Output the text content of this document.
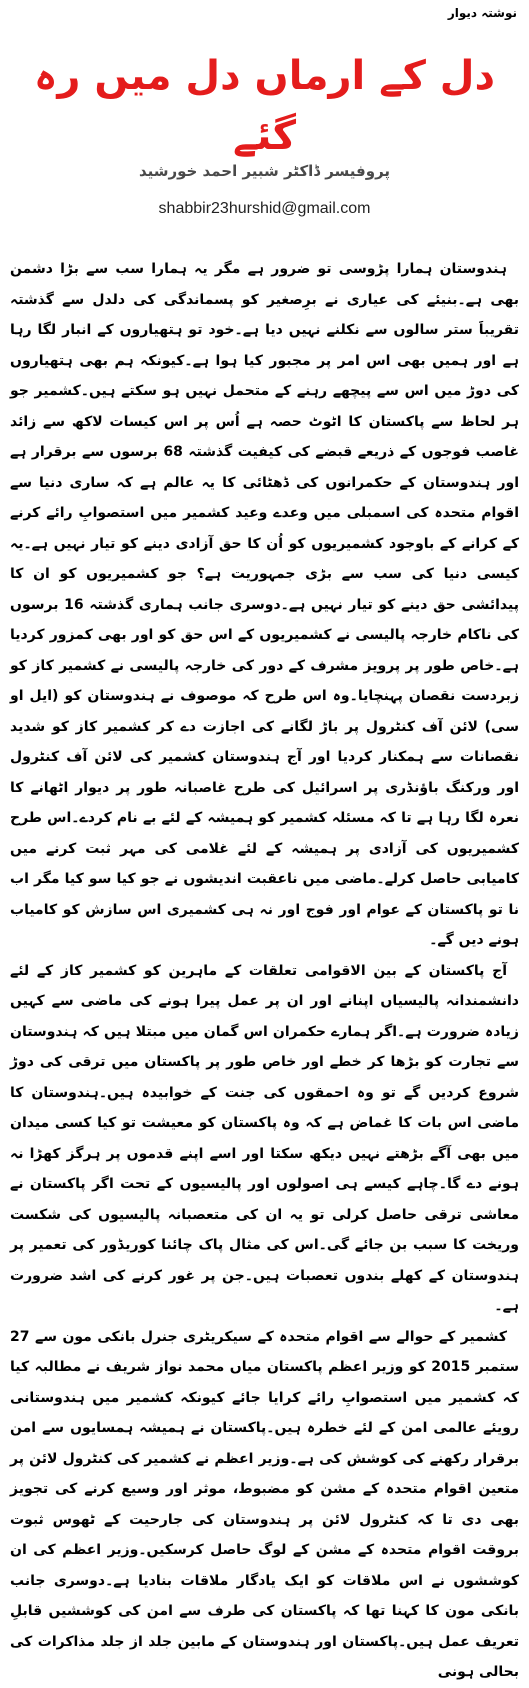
نوشتہ دیوار
دل کے ارماں دل میں رہ گئے
پروفیسر ڈاکٹر شبیر احمد خورشید
shabbir23hurshid@gmail.com

ہندوستان ہمارا پڑوسی تو ضرور ہے مگر یہ ہمارا سب سے بڑا دشمن بھی ہے۔بنیئے کی عیاری نے برِصغیر کو پسماندگی کی دلدل سے گذشتہ تقریباََ ستر سالوں سے نکلنے نہیں دیا ہے۔خود تو ہتھیاروں کے انبار لگا رہا ہے اور ہمیں بھی اس امر پر مجبور کیا ہوا ہے۔کیونکہ ہم بھی ہتھیاروں کی دوڑ میں اس سے پیچھے رہنے کے متحمل نہیں ہو سکتے ہیں۔کشمیر جو ہر لحاظ سے پاکستان کا اٹوٹ حصہ ہے اُس پر اس کیسات لاکھ سے زائد غاصب فوجوں کے ذریعے قبضے کی کیفیت گذشتہ 68 برسوں سے برقرار ہے اور ہندوستان کے حکمرانوں کی ڈھٹائی کا یہ عالم ہے کہ ساری دنیا سے اقوام متحدہ کی اسمبلی میں وعدے وعید کشمیر میں استصوابِ رائے کرنے کے کرانے کے باوجود کشمیریوں کو اُن کا حق آزادی دینے کو تیار نہیں ہے۔یہ کیسی دنیا کی سب سے بڑی جمہوریت ہے؟ جو کشمیریوں کو ان کا پیدائشی حق دینے کو تیار نہیں ہے۔دوسری جانب ہماری گذشتہ 16 برسوں کی ناکام خارجہ پالیسی نے کشمیریوں کے اس حق کو اور بھی کمزور کردیا ہے۔خاص طور پر پرویز مشرف کے دور کی خارجہ پالیسی نے کشمیر کاز کو زبردست نقصان پہنچایا۔وہ اس طرح کہ موصوف نے ہندوستان کو (ایل او سی) لائن آف کنٹرول پر باڑ لگانے کی اجازت دے کر کشمیر کاز کو شدید نقصانات سے ہمکنار کردیا اور آج ہندوستان کشمیر کی لائن آف کنٹرول اور ورکنگ باؤنڈری پر اسرائیل کی طرح غاصبانہ طور پر دیوار اٹھانے کا نعرہ لگا رہا ہے تا کہ مسئلہ کشمیر کو ہمیشہ کے لئے بے نام کردے۔اس طرح کشمیریوں کی آزادی پر ہمیشہ کے لئے غلامی کی مہر ثبت کرنے میں کامیابی حاصل کرلے۔ماضی میں ناعقبت اندیشوں نے جو کیا سو کیا مگر اب نا تو پاکستان کے عوام اور فوج اور نہ ہی کشمیری اس سازش کو کامیاب ہونے دیں گے۔

آج پاکستان کے بین الاقوامی تعلقات کے ماہرین کو کشمیر کاز کے لئے دانشمندانہ پالیسیاں اپنانے اور ان پر عمل پیرا ہونے کی ماضی سے کہیں زیادہ ضرورت ہے۔اگر ہمارے حکمران اس گمان میں مبتلا ہیں کہ ہندوستان سے تجارت کو بڑھا کر خطے اور خاص طور پر پاکستان میں ترقی کی دوڑ شروع کردیں گے تو وہ احمقوں کی جنت کے خوابیدہ ہیں۔ہندوستان کا ماضی اس بات کا غماض ہے کہ وہ پاکستان کو معیشت تو کیا کسی میدان میں بھی آگے بڑھتے نہیں دیکھ سکتا اور اسے اپنے قدموں پر ہرگز کھڑا نہ ہونے دے گا۔چاہے کیسے ہی اصولوں اور پالیسیوں کے تحت اگر پاکستان نے معاشی ترقی حاصل کرلی تو یہ ان کی متعصبانہ پالیسیوں کی شکست وریخت کا سبب بن جائے گی۔اس کی مثال پاک چائنا کوریڈور کی تعمیر پر ہندوستان کے کھلے بندوں تعصبات ہیں۔جن پر غور کرنے کی اشد ضرورت ہے۔

کشمیر کے حوالے سے اقوام متحدہ کے سیکریٹری جنرل بانکی مون سے 27 ستمبر 2015 کو وزیر اعظم پاکستان میاں محمد نواز شریف نے مطالبہ کیا کہ کشمیر میں استصوابِ رائے کرایا جائے کیونکہ کشمیر میں ہندوستانی رویئے عالمی امن کے لئے خطرہ ہیں۔پاکستان نے ہمیشہ ہمسایوں سے امن برقرار رکھنے کی کوشش کی ہے۔وزیر اعظم نے کشمیر کی کنٹرول لائن پر متعین اقوام متحدہ کے مشن کو مضبوط، موثر اور وسیع کرنے کی تجویز بھی دی تا کہ کنٹرول لائن پر ہندوستان کی جارحیت کے ٹھوس ثبوت بروقت اقوام متحدہ کے مشن کے لوگ حاصل کرسکیں۔وزیر اعظم کی ان کوششوں نے اس ملاقات کو ایک یادگار ملاقات بنادیا ہے۔دوسری جانب بانکی مون کا کہنا تھا کہ پاکستان کی طرف سے امن کی کوششیں قابلِ تعریف عمل ہیں۔پاکستان اور ہندوستان کے مابین جلد از جلد مذاکرات کی بحالی ہونی
